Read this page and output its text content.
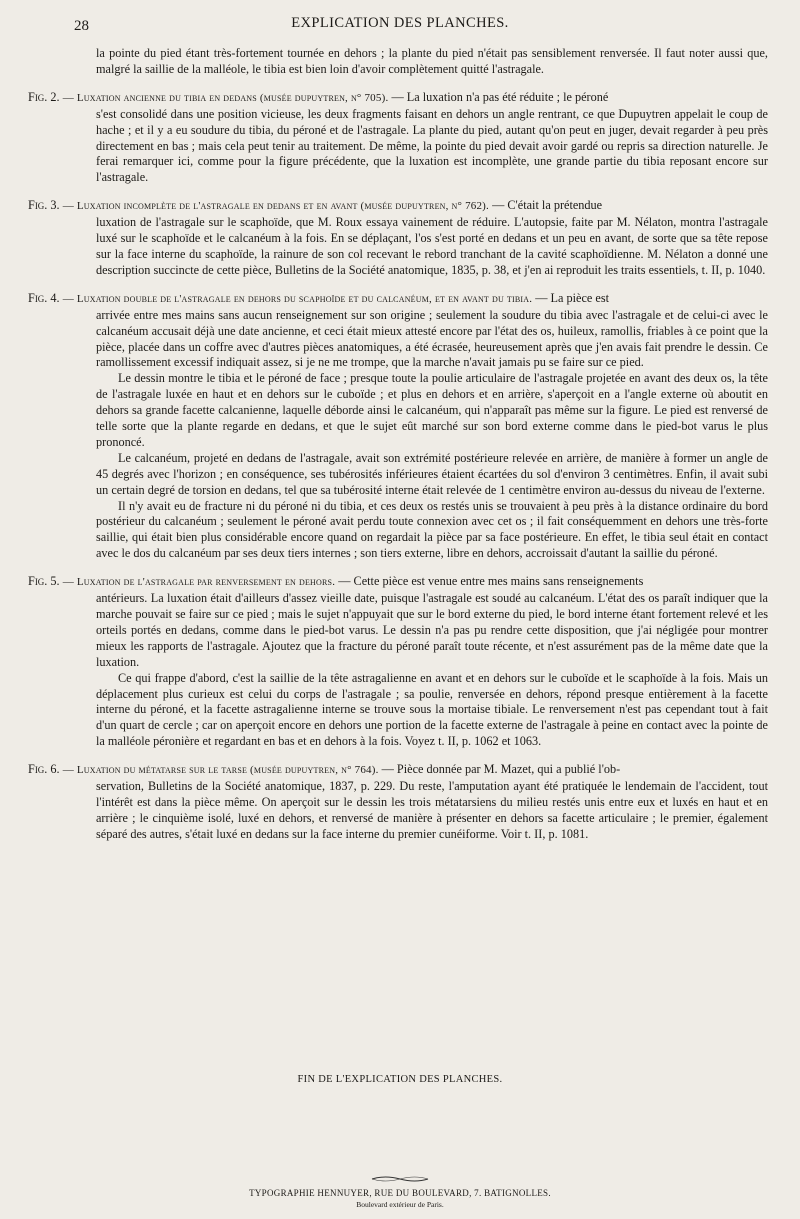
28	EXPLICATION DES PLANCHES.

la pointe du pied étant très-fortement tournée en dehors ; la plante du pied n'était pas sensiblement renversée. Il faut noter aussi que, malgré la saillie de la malléole, le tibia est bien loin d'avoir complètement quitté l'astragale.

Fig. 2. — Luxation ancienne du tibia en dedans (musée dupuytren, n° 705). — La luxation n'a pas été réduite ; le péroné

s'est consolidé dans une position vicieuse, les deux fragments faisant en dehors un angle rentrant, ce que Dupuytren appelait le coup de hache ; et il y a eu soudure du tibia, du péroné et de l'astragale. La plante du pied, autant qu'on peut en juger, devait regarder à peu près directement en bas ; mais cela peut tenir au traitement. De même, la pointe du pied devait avoir gardé ou repris sa direction naturelle. Je ferai remarquer ici, comme pour la figure précédente, que la luxation est incomplète, une grande partie du tibia reposant encore sur l'astragale.

Fig. 3. — Luxation incomplète de l'astragale en dedans et en avant (musée dupuytren, n° 762). — C'était la prétendue

luxation de l'astragale sur le scaphoïde, que M. Roux essaya vainement de réduire. L'autopsie, faite par M. Nélaton, montra l'astragale luxé sur le scaphoïde et le calcanéum à la fois. En se déplaçant, l'os s'est porté en dedans et un peu en avant, de sorte que sa tête repose sur la face interne du scaphoïde, la rainure de son col recevant le rebord tranchant de la cavité scaphoïdienne. M. Nélaton a donné une description succincte de cette pièce, Bulletins de la Société anatomique, 1835, p. 38, et j'en ai reproduit les traits essentiels, t. II, p. 1040.

Fig. 4. — Luxation double de l'astragale en dehors du scaphoïde et du calcanéum, et en avant du tibia. — La pièce est

arrivée entre mes mains sans aucun renseignement sur son origine ; seulement la soudure du tibia avec l'astragale et de celui-ci avec le calcanéum accusait déjà une date ancienne, et ceci était mieux attesté encore par l'état des os, huileux, ramollis, friables à ce point que la pièce, placée dans un coffre avec d'autres pièces anatomiques, a été écrasée, heureusement après que j'en avais fait prendre le dessin. Ce ramollissement excessif indiquait assez, si je ne me trompe, que la marche n'avait jamais pu se faire sur ce pied.

Le dessin montre le tibia et le péroné de face ; presque toute la poulie articulaire de l'astragale projetée en avant des deux os, la tête de l'astragale luxée en haut et en dehors sur le cuboïde ; et plus en dehors et en arrière, s'aperçoit en a l'angle externe où aboutit en dehors sa grande facette calcanienne, laquelle déborde ainsi le calcanéum, qui n'apparaît pas même sur la figure. Le pied est renversé de telle sorte que la plante regarde en dedans, et que le sujet eût marché sur son bord externe comme dans le pied-bot varus le plus prononcé.

Le calcanéum, projeté en dedans de l'astragale, avait son extrémité postérieure relevée en arrière, de manière à former un angle de 45 degrés avec l'horizon ; en conséquence, ses tubérosités inférieures étaient écartées du sol d'environ 3 centimètres. Enfin, il avait subi un certain degré de torsion en dedans, tel que sa tubérosité interne était relevée de 1 centimètre environ au-dessus du niveau de l'externe.

Il n'y avait eu de fracture ni du péroné ni du tibia, et ces deux os restés unis se trouvaient à peu près à la distance ordinaire du bord postérieur du calcanéum ; seulement le péroné avait perdu toute connexion avec cet os ; il fait conséquemment en dehors une très-forte saillie, qui était bien plus considérable encore quand on regardait la pièce par sa face postérieure. En effet, le tibia seul était en contact avec le dos du calcanéum par ses deux tiers internes ; son tiers externe, libre en dehors, accroissait d'autant la saillie du péroné.

Fig. 5. — Luxation de l'astragale par renversement en dehors. — Cette pièce est venue entre mes mains sans renseignements

antérieurs. La luxation était d'ailleurs d'assez vieille date, puisque l'astragale est soudé au calcanéum. L'état des os paraît indiquer que la marche pouvait se faire sur ce pied ; mais le sujet n'appuyait que sur le bord externe du pied, le bord interne étant fortement relevé et les orteils portés en dedans, comme dans le pied-bot varus. Le dessin n'a pas pu rendre cette disposition, que j'ai négligée pour montrer mieux les rapports de l'astragale. Ajoutez que la fracture du péroné paraît toute récente, et n'est assurément pas de la même date que la luxation.

Ce qui frappe d'abord, c'est la saillie de la tête astragalienne en avant et en dehors sur le cuboïde et le scaphoïde à la fois. Mais un déplacement plus curieux est celui du corps de l'astragale ; sa poulie, renversée en dehors, répond presque entièrement à la facette interne du péroné, et la facette astragalienne interne se trouve sous la mortaise tibiale. Le renversement n'est pas cependant tout à fait d'un quart de cercle ; car on aperçoit encore en dehors une portion de la facette externe de l'astragale à peine en contact avec la pointe de la malléole péronière et regardant en bas et en dehors à la fois. Voyez t. II, p. 1062 et 1063.

Fig. 6. — Luxation du métatarse sur le tarse (musée dupuytren, n° 764). — Pièce donnée par M. Mazet, qui a publié l'ob-

servation, Bulletins de la Société anatomique, 1837, p. 229. Du reste, l'amputation ayant été pratiquée le lendemain de l'accident, tout l'intérêt est dans la pièce même. On aperçoit sur le dessin les trois métatarsiens du milieu restés unis entre eux et luxés en haut et en arrière ; le cinquième isolé, luxé en dehors, et renversé de manière à présenter en dehors sa facette articulaire ; le premier, également séparé des autres, s'était luxé en dedans sur la face interne du premier cunéiforme. Voir t. II, p. 1081.

FIN DE L'EXPLICATION DES PLANCHES.
TYPOGRAPHIE HENNUYER, RUE DU BOULEVARD, 7. BATIGNOLLES.
Boulevard extérieur de Paris.
